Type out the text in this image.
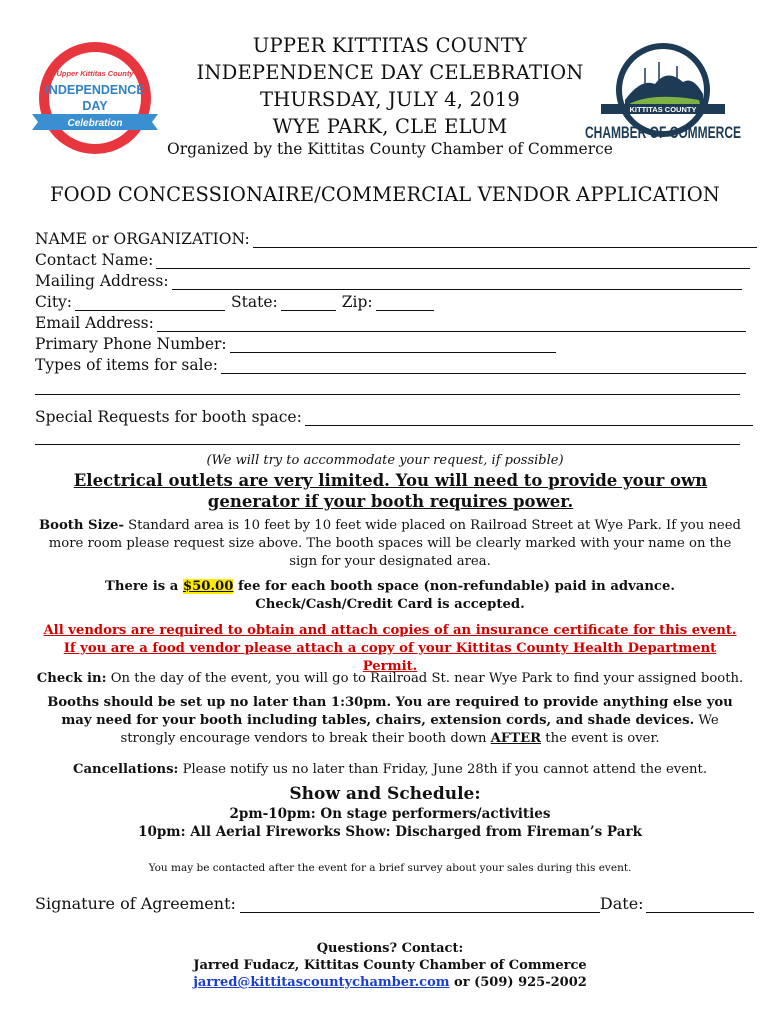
Upper Kittitas County
INDEPENDENCE
DAY
Celebration
KITTITAS COUNTY
CHAMBER OF COMMERCE
UPPER KITTITAS COUNTY
INDEPENDENCE DAY CELEBRATION
THURSDAY, JULY 4, 2019
WYE PARK, CLE ELUM
Organized by the Kittitas County Chamber of Commerce
FOOD CONCESSIONAIRE/COMMERCIAL VENDOR APPLICATION
NAME or ORGANIZATION:
Contact Name:
Mailing Address:
City:	State:	Zip:
Email Address:
Primary Phone Number:
Types of items for sale:
Special Requests for booth space:
(We will try to accommodate your request, if possible)
Electrical outlets are very limited. You will need to provide your own generator if your booth requires power.
Booth Size- Standard area is 10 feet by 10 feet wide placed on Railroad Street at Wye Park. If you need more room please request size above. The booth spaces will be clearly marked with your name on the sign for your designated area.
There is a $50.00 fee for each booth space (non-refundable) paid in advance.
Check/Cash/Credit Card is accepted.
All vendors are required to obtain and attach copies of an insurance certificate for this event.
If you are a food vendor please attach a copy of your Kittitas County Health Department Permit.
Check in: On the day of the event, you will go to Railroad St. near Wye Park to find your assigned booth.
Booths should be set up no later than 1:30pm. You are required to provide anything else you may need for your booth including tables, chairs, extension cords, and shade devices. We strongly encourage vendors to break their booth down AFTER the event is over.
Cancellations: Please notify us no later than Friday, June 28th if you cannot attend the event.
Show and Schedule:
2pm-10pm: On stage performers/activities
10pm: All Aerial Fireworks Show: Discharged from Fireman’s Park
You may be contacted after the event for a brief survey about your sales during this event.
Signature of Agreement:	Date:
Questions? Contact:
Jarred Fudacz, Kittitas County Chamber of Commerce
jarred@kittitascountychamber.com or (509) 925-2002
